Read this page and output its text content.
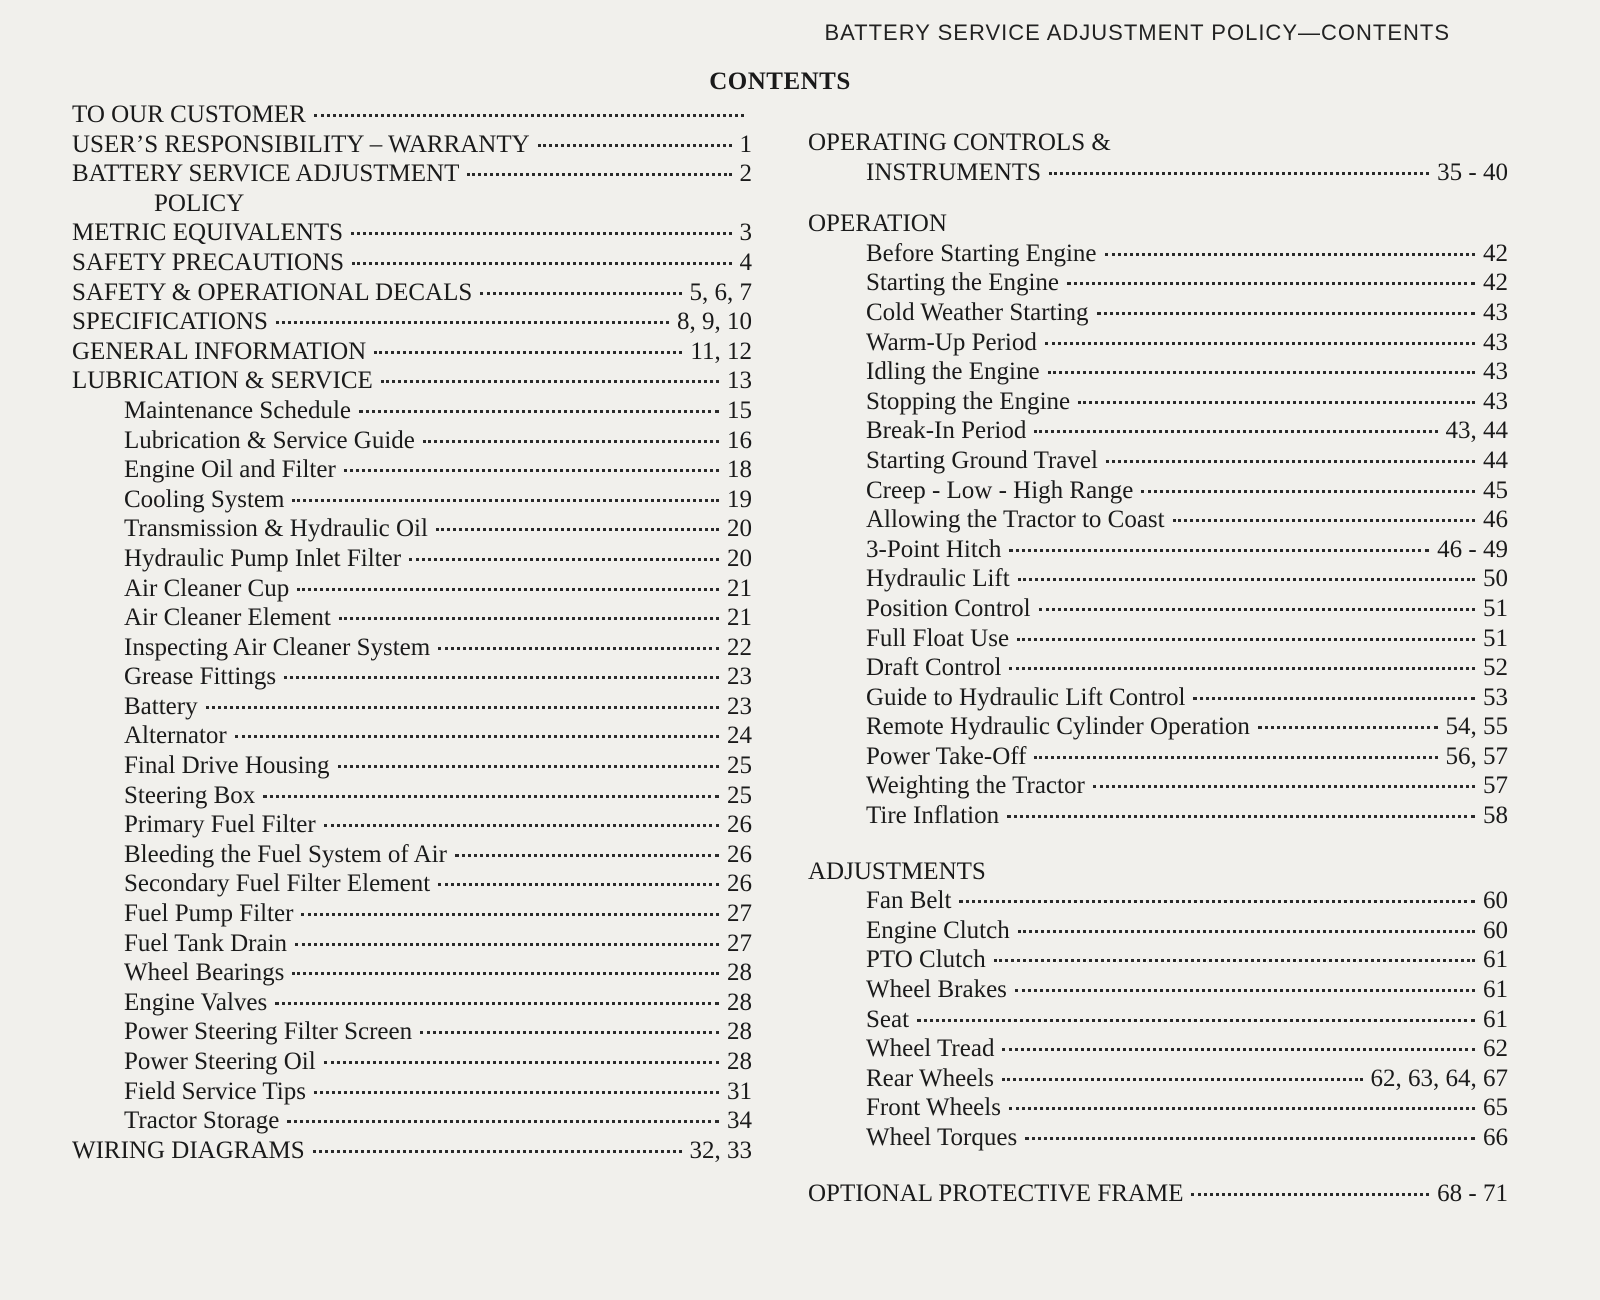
BATTERY SERVICE ADJUSTMENT POLICY—CONTENTS
CONTENTS
TO OUR CUSTOMER
USER’S RESPONSIBILITY – WARRANTY	1
BATTERY SERVICE ADJUSTMENT	2
POLICY
METRIC EQUIVALENTS	3
SAFETY PRECAUTIONS	4
SAFETY & OPERATIONAL DECALS	5, 6, 7
SPECIFICATIONS	8, 9, 10
GENERAL INFORMATION	11, 12
LUBRICATION & SERVICE	13
Maintenance Schedule	15
Lubrication & Service Guide	16
Engine Oil and Filter	18
Cooling System	19
Transmission & Hydraulic Oil	20
Hydraulic Pump Inlet Filter	20
Air Cleaner Cup	21
Air Cleaner Element	21
Inspecting Air Cleaner System	22
Grease Fittings	23
Battery	23
Alternator	24
Final Drive Housing	25
Steering Box	25
Primary Fuel Filter	26
Bleeding the Fuel System of Air	26
Secondary Fuel Filter Element	26
Fuel Pump Filter	27
Fuel Tank Drain	27
Wheel Bearings	28
Engine Valves	28
Power Steering Filter Screen	28
Power Steering Oil	28
Field Service Tips	31
Tractor Storage	34
WIRING DIAGRAMS	32, 33
OPERATING CONTROLS &
INSTRUMENTS	35 - 40
OPERATION
Before Starting Engine	42
Starting the Engine	42
Cold Weather Starting	43
Warm-Up Period	43
Idling the Engine	43
Stopping the Engine	43
Break-In Period	43, 44
Starting Ground Travel	44
Creep - Low - High Range	45
Allowing the Tractor to Coast	46
3-Point Hitch	46 - 49
Hydraulic Lift	50
Position Control	51
Full Float Use	51
Draft Control	52
Guide to Hydraulic Lift Control	53
Remote Hydraulic Cylinder Operation	54, 55
Power Take-Off	56, 57
Weighting the Tractor	57
Tire Inflation	58
ADJUSTMENTS
Fan Belt	60
Engine Clutch	60
PTO Clutch	61
Wheel Brakes	61
Seat	61
Wheel Tread	62
Rear Wheels	62, 63, 64, 67
Front Wheels	65
Wheel Torques	66
OPTIONAL PROTECTIVE FRAME	68 - 71
